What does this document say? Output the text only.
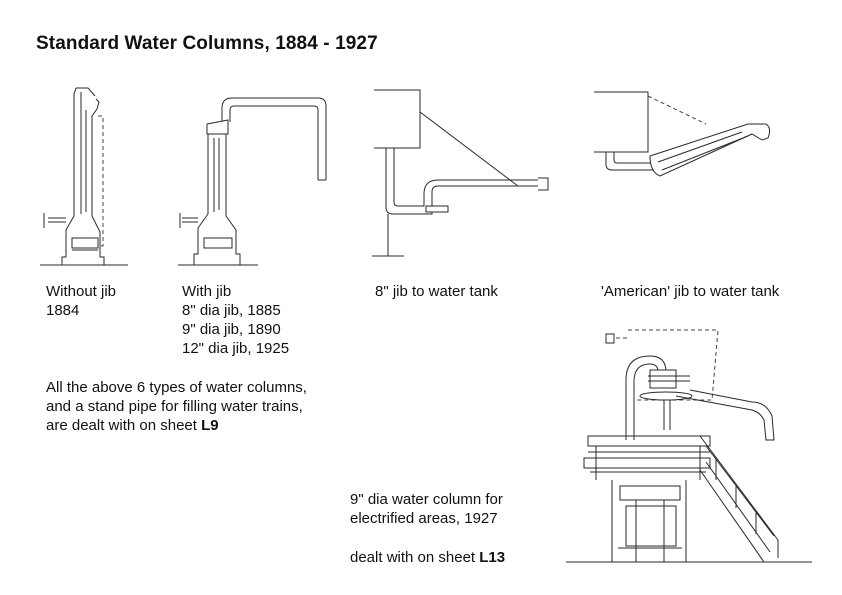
Standard Water Columns, 1884 - 1927
Without jib
1884
With jib
8" dia jib, 1885
9" dia jib, 1890
12" dia jib, 1925
8" jib to water tank	'American' jib to water tank
All the above 6 types of water columns,
and a stand pipe for filling water trains,
are dealt with on sheet L9
9" dia water column for
electrified areas, 1927
dealt with on sheet L13
